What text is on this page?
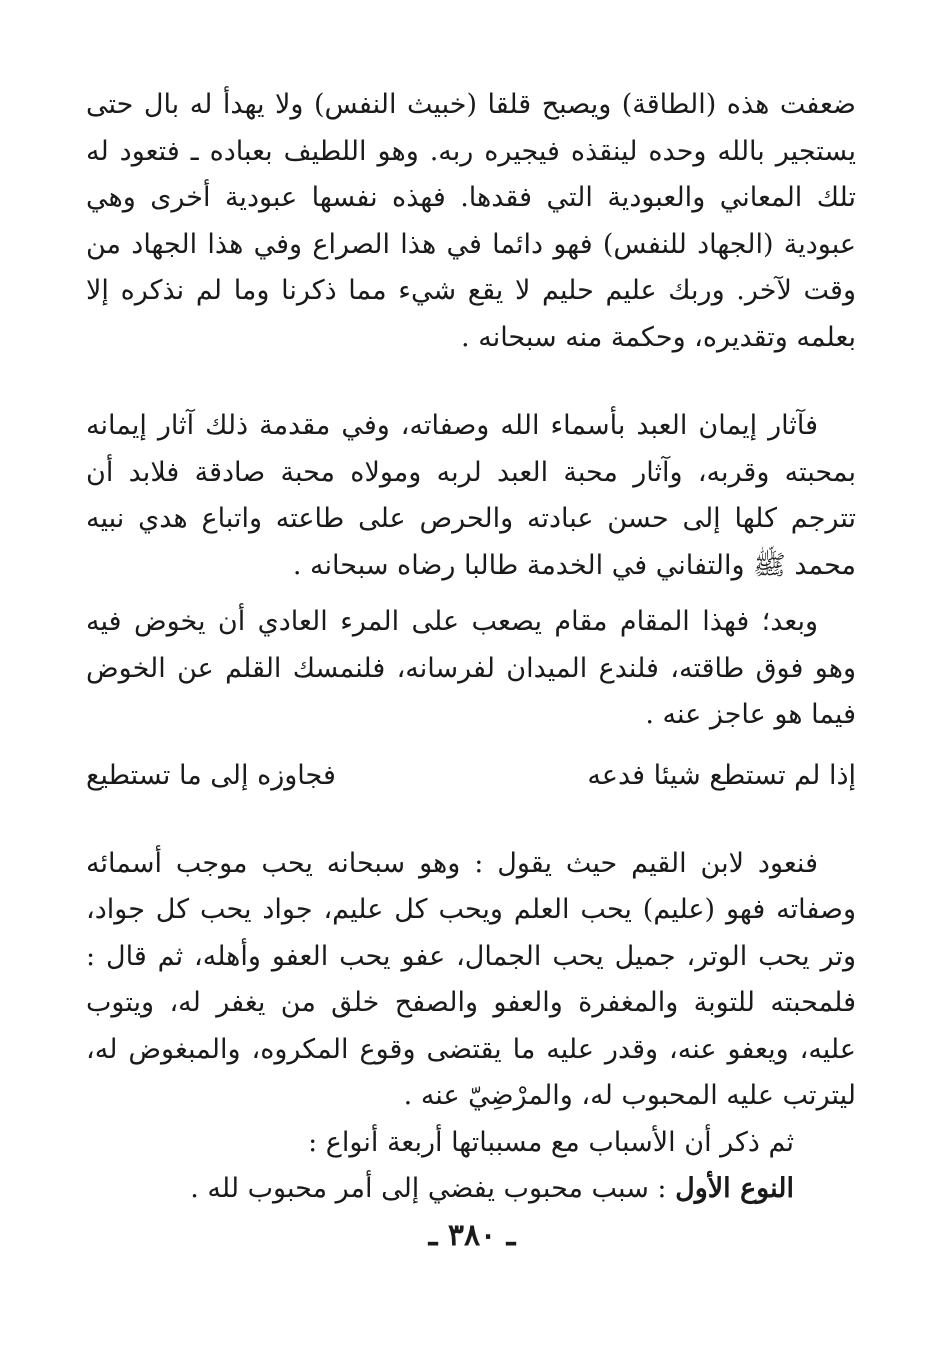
ضعفت هذه (الطاقة) ويصبح قلقا (خبيث النفس) ولا يهدأ له بال حتى يستجير بالله وحده لينقذه فيجيره ربه. وهو اللطيف بعباده ـ فتعود له تلك المعاني والعبودية التي فقدها. فهذه نفسها عبودية أخرى وهي عبودية (الجهاد للنفس) فهو دائما في هذا الصراع وفي هذا الجهاد من وقت لآخر. وربك عليم حليم لا يقع شيء مما ذكرنا وما لم نذكره إلا بعلمه وتقديره، وحكمة منه سبحانه .

فآثار إيمان العبد بأسماء الله وصفاته، وفي مقدمة ذلك آثار إيمانه بمحبته وقربه، وآثار محبة العبد لربه ومولاه محبة صادقة فلابد أن تترجم كلها إلى حسن عبادته والحرص على طاعته واتباع هدي نبيه محمد ﷺ والتفاني في الخدمة طالبا رضاه سبحانه .

وبعد؛ فهذا المقام مقام يصعب على المرء العادي أن يخوض فيه وهو فوق طاقته، فلندع الميدان لفرسانه، فلنمسك القلم عن الخوض فيما هو عاجز عنه .

إذا لم تستطع شيئا فدعه
فجاوزه إلى ما تستطيع

فنعود لابن القيم حيث يقول : وهو سبحانه يحب موجب أسمائه وصفاته فهو (عليم) يحب العلم ويحب كل عليم، جواد يحب كل جواد، وتر يحب الوتر، جميل يحب الجمال، عفو يحب العفو وأهله، ثم قال : فلمحبته للتوبة والمغفرة والعفو والصفح خلق من يغفر له، ويتوب عليه، ويعفو عنه، وقدر عليه ما يقتضى وقوع المكروه، والمبغوض له، ليترتب عليه المحبوب له، والمرْضِيّ عنه .

ثم ذكر أن الأسباب مع مسبباتها أربعة أنواع :

النوع الأول : سبب محبوب يفضي إلى أمر محبوب لله .

ـ ٣٨٠ ـ
